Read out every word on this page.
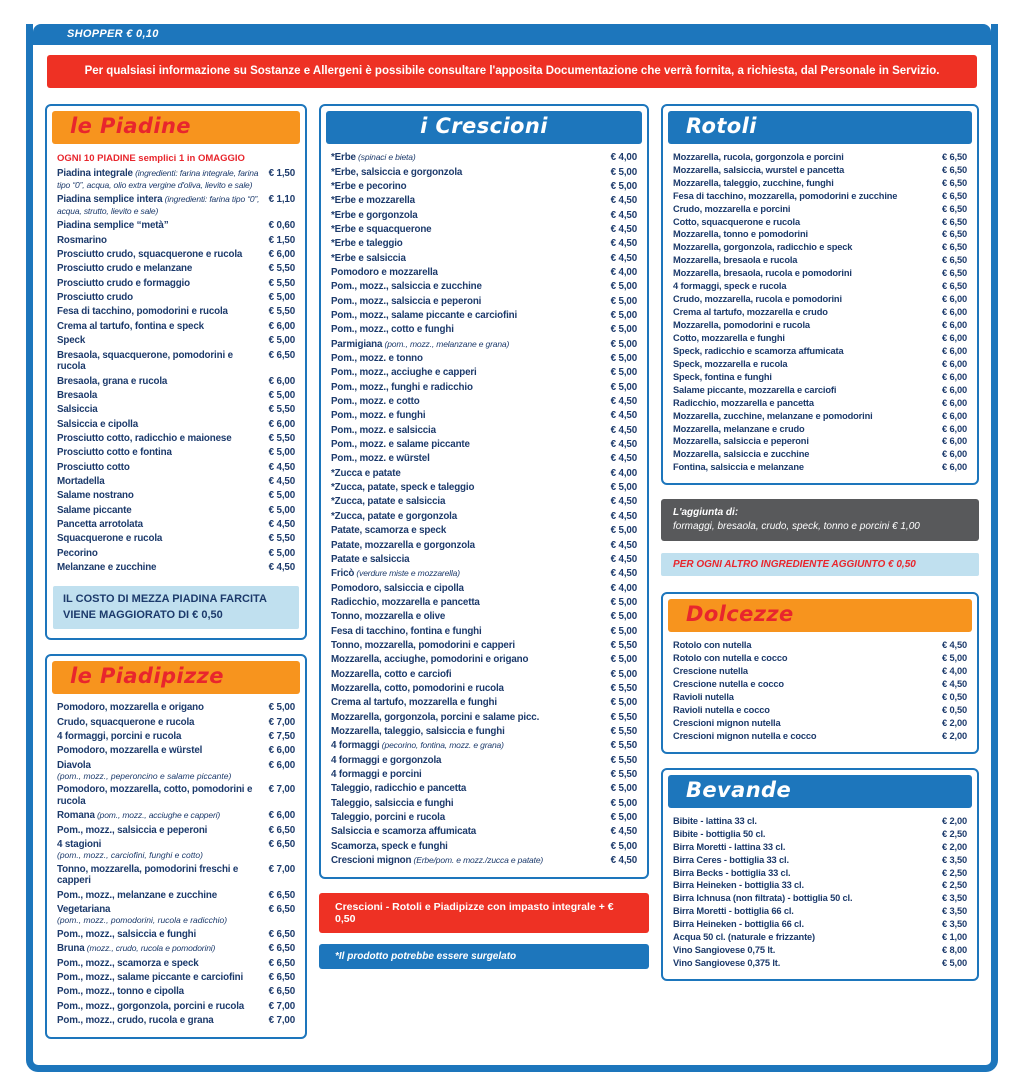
SHOPPER € 0,10
Per qualsiasi informazione su Sostanze e Allergeni è possibile consultare l'apposita Documentazione che verrà fornita, a richiesta, dal Personale in Servizio.
le Piadine
OGNI 10 PIADINE semplici 1 in OMAGGIO
Piadina integrale (ingredienti: farina integrale, farina tipo “0”, acqua, olio extra vergine d'oliva, lievito e sale)
€ 1,50
Piadina semplice intera (ingredienti: farina tipo “0”, acqua, strutto, lievito e sale)
€ 1,10
Piadina semplice “metà”	€ 0,60
Rosmarino	€ 1,50
Prosciutto crudo, squacquerone e rucola	€ 6,00
Prosciutto crudo e melanzane	€ 5,50
Prosciutto crudo e formaggio	€ 5,50
Prosciutto crudo	€ 5,00
Fesa di tacchino, pomodorini e rucola	€ 5,50
Crema al tartufo, fontina e speck	€ 6,00
Speck	€ 5,00
Bresaola, squacquerone, pomodorini e rucola
€ 6,50
Bresaola, grana e rucola	€ 6,00
Bresaola	€ 5,00
Salsiccia	€ 5,50
Salsiccia e cipolla	€ 6,00
Prosciutto cotto, radicchio e maionese	€ 5,50
Prosciutto cotto e fontina	€ 5,00
Prosciutto cotto	€ 4,50
Mortadella	€ 4,50
Salame nostrano	€ 5,00
Salame piccante	€ 5,00
Pancetta arrotolata	€ 4,50
Squacquerone e rucola	€ 5,50
Pecorino	€ 5,00
Melanzane e zucchine	€ 4,50
IL COSTO DI MEZZA PIADINA FARCITA VIENE MAGGIORATO DI € 0,50
le Piadipizze
Pomodoro, mozzarella e origano	€ 5,00
Crudo, squacquerone e rucola	€ 7,00
4 formaggi, porcini e rucola	€ 7,50
Pomodoro, mozzarella e würstel	€ 6,00
Diavola	€ 6,00
(pom., mozz., peperoncino e salame piccante)
Pomodoro, mozzarella, cotto, pomodorini e rucola
€ 7,00
Romana (pom., mozz., acciughe e capperi)	€ 6,00
Pom., mozz., salsiccia e peperoni	€ 6,50
4 stagioni	€ 6,50
(pom., mozz., carciofini, funghi e cotto)
Tonno, mozzarella, pomodorini freschi e capperi
€ 7,00
Pom., mozz., melanzane e zucchine	€ 6,50
Vegetariana	€ 6,50
(pom., mozz., pomodorini, rucola e radicchio)
Pom., mozz., salsiccia e funghi	€ 6,50
Bruna (mozz., crudo, rucola e pomodorini)	€ 6,50
Pom., mozz., scamorza e speck	€ 6,50
Pom., mozz., salame piccante e carciofini	€ 6,50
Pom., mozz., tonno e cipolla	€ 6,50
Pom., mozz., gorgonzola, porcini e rucola	€ 7,00
Pom., mozz., crudo, rucola e grana	€ 7,00
i Crescioni
*Erbe (spinaci e bieta)	€ 4,00
*Erbe, salsiccia e gorgonzola	€ 5,00
*Erbe e pecorino	€ 5,00
*Erbe e mozzarella	€ 4,50
*Erbe e gorgonzola	€ 4,50
*Erbe e squacquerone	€ 4,50
*Erbe e taleggio	€ 4,50
*Erbe e salsiccia	€ 4,50
Pomodoro e mozzarella	€ 4,00
Pom., mozz., salsiccia e zucchine	€ 5,00
Pom., mozz., salsiccia e peperoni	€ 5,00
Pom., mozz., salame piccante e carciofini	€ 5,00
Pom., mozz., cotto e funghi	€ 5,00
Parmigiana (pom., mozz., melanzane e grana)	€ 5,00
Pom., mozz. e tonno	€ 5,00
Pom., mozz., acciughe e capperi	€ 5,00
Pom., mozz., funghi e radicchio	€ 5,00
Pom., mozz. e cotto	€ 4,50
Pom., mozz. e funghi	€ 4,50
Pom., mozz. e salsiccia	€ 4,50
Pom., mozz. e salame piccante	€ 4,50
Pom., mozz. e würstel	€ 4,50
*Zucca e patate	€ 4,00
*Zucca, patate, speck e taleggio	€ 5,00
*Zucca, patate e salsiccia	€ 4,50
*Zucca, patate e gorgonzola	€ 4,50
Patate, scamorza e speck	€ 5,00
Patate, mozzarella e gorgonzola	€ 4,50
Patate e salsiccia	€ 4,50
Fricò (verdure miste e mozzarella)	€ 4,50
Pomodoro, salsiccia e cipolla	€ 4,00
Radicchio, mozzarella e pancetta	€ 5,00
Tonno, mozzarella e olive	€ 5,00
Fesa di tacchino, fontina e funghi	€ 5,00
Tonno, mozzarella, pomodorini e capperi	€ 5,50
Mozzarella, acciughe, pomodorini e origano	€ 5,00
Mozzarella, cotto e carciofi	€ 5,00
Mozzarella, cotto, pomodorini e rucola	€ 5,50
Crema al tartufo, mozzarella e funghi	€ 5,00
Mozzarella, gorgonzola, porcini e salame picc.	€ 5,50
Mozzarella, taleggio, salsiccia e funghi	€ 5,50
4 formaggi (pecorino, fontina, mozz. e grana)	€ 5,50
4 formaggi e gorgonzola	€ 5,50
4 formaggi e porcini	€ 5,50
Taleggio, radicchio e pancetta	€ 5,00
Taleggio, salsiccia e funghi	€ 5,00
Taleggio, porcini e rucola	€ 5,00
Salsiccia e scamorza affumicata	€ 4,50
Scamorza, speck e funghi	€ 5,00
Crescioni mignon (Erbe/pom. e mozz./zucca e patate)	€ 4,50
Crescioni - Rotoli e Piadipizze con impasto integrale + € 0,50
*Il prodotto potrebbe essere surgelato
Rotoli
Mozzarella, rucola, gorgonzola e porcini	€ 6,50
Mozzarella, salsiccia, wurstel e pancetta	€ 6,50
Mozzarella, taleggio, zucchine, funghi	€ 6,50
Fesa di tacchino, mozzarella, pomodorini e zucchine	€ 6,50
Crudo, mozzarella e porcini	€ 6,50
Cotto, squacquerone e rucola	€ 6,50
Mozzarella, tonno e pomodorini	€ 6,50
Mozzarella, gorgonzola, radicchio e speck	€ 6,50
Mozzarella, bresaola e rucola	€ 6,50
Mozzarella, bresaola, rucola e pomodorini	€ 6,50
4 formaggi, speck e rucola	€ 6,50
Crudo, mozzarella, rucola e pomodorini	€ 6,00
Crema al tartufo, mozzarella e crudo	€ 6,00
Mozzarella, pomodorini e rucola	€ 6,00
Cotto, mozzarella e funghi	€ 6,00
Speck, radicchio e scamorza affumicata	€ 6,00
Speck, mozzarella e rucola	€ 6,00
Speck, fontina e funghi	€ 6,00
Salame piccante, mozzarella e carciofi	€ 6,00
Radicchio, mozzarella e pancetta	€ 6,00
Mozzarella, zucchine, melanzane e pomodorini	€ 6,00
Mozzarella, melanzane e crudo	€ 6,00
Mozzarella, salsiccia e peperoni	€ 6,00
Mozzarella, salsiccia e zucchine	€ 6,00
Fontina, salsiccia e melanzane	€ 6,00
L'aggiunta di:
formaggi, bresaola, crudo, speck, tonno e porcini € 1,00
PER OGNI ALTRO INGREDIENTE AGGIUNTO € 0,50
Dolcezze
Rotolo con nutella	€ 4,50
Rotolo con nutella e cocco	€ 5,00
Crescione nutella	€ 4,00
Crescione nutella e cocco	€ 4,50
Ravioli nutella	€ 0,50
Ravioli nutella e cocco	€ 0,50
Crescioni mignon nutella	€ 2,00
Crescioni mignon nutella e cocco	€ 2,00
Bevande
Bibite - lattina 33 cl.	€ 2,00
Bibite - bottiglia 50 cl.	€ 2,50
Birra Moretti - lattina 33 cl.	€ 2,00
Birra Ceres - bottiglia 33 cl.	€ 3,50
Birra Becks - bottiglia 33 cl.	€ 2,50
Birra Heineken - bottiglia 33 cl.	€ 2,50
Birra Ichnusa (non filtrata) - bottiglia 50 cl.	€ 3,50
Birra Moretti - bottiglia 66 cl.	€ 3,50
Birra Heineken - bottiglia 66 cl.	€ 3,50
Acqua 50 cl. (naturale e frizzante)	€ 1,00
Vino Sangiovese 0,75 lt.	€ 8,00
Vino Sangiovese 0,375 lt.	€ 5,00
